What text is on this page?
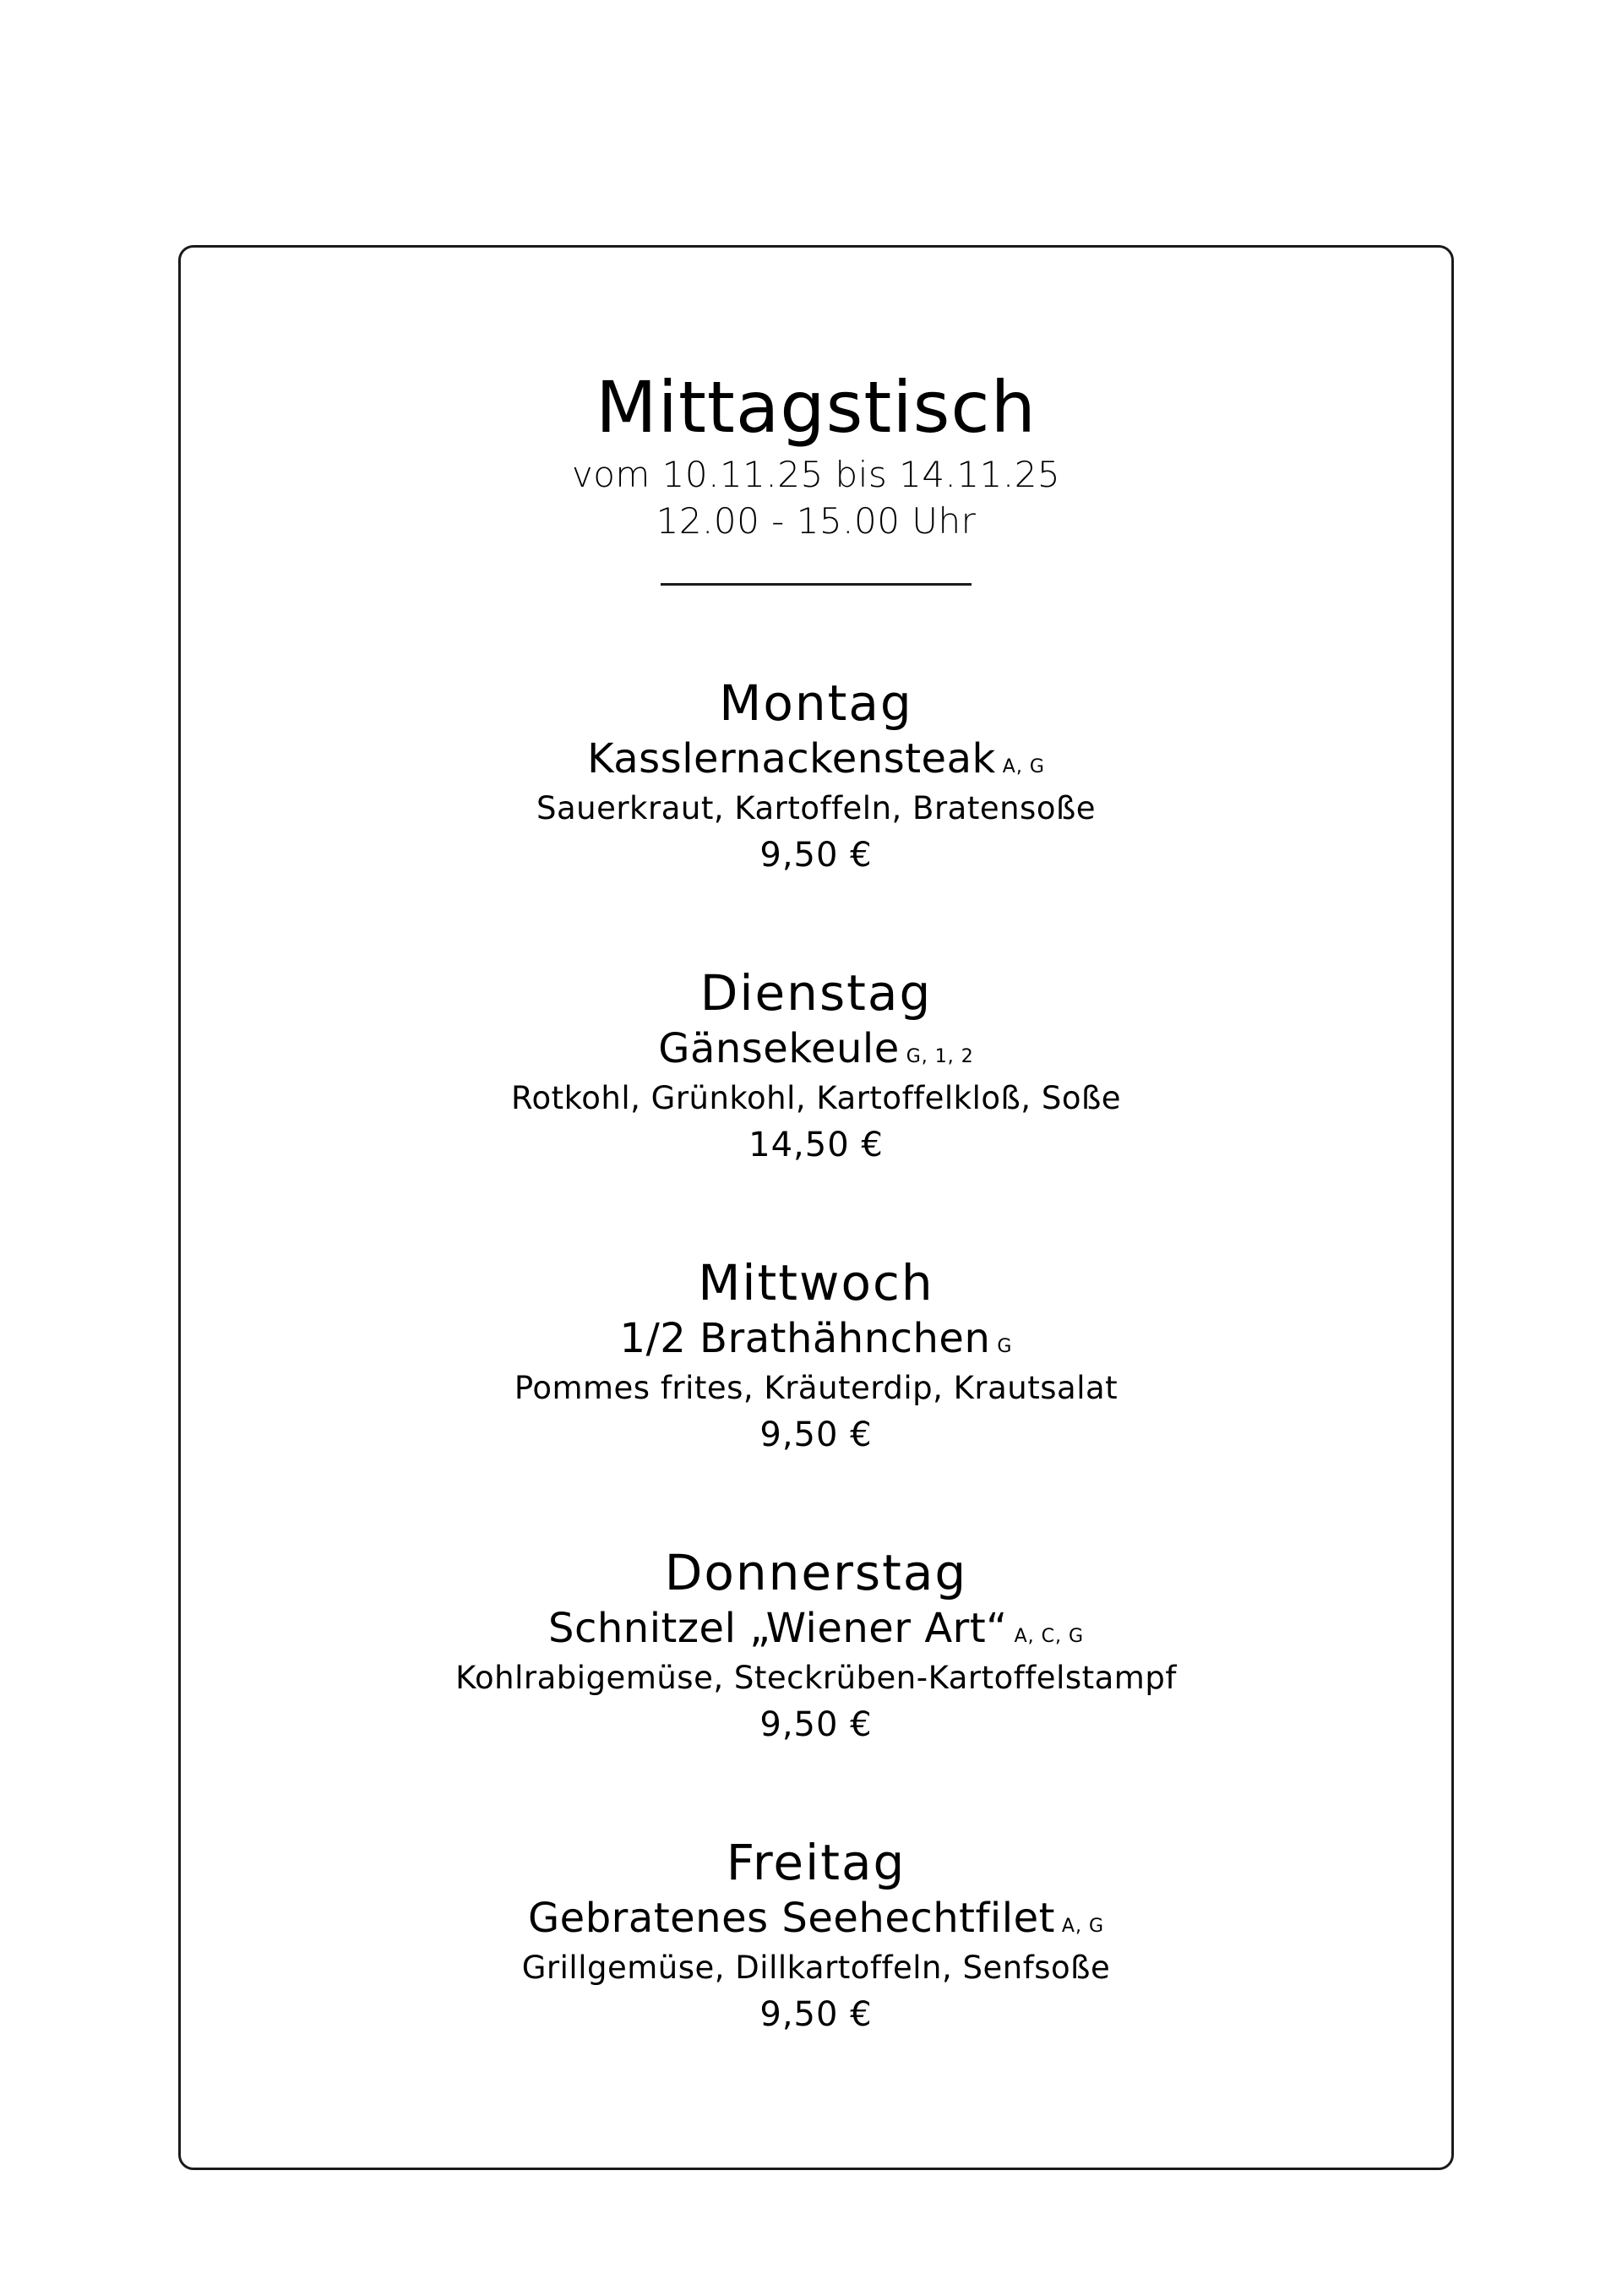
Mittagstisch
vom 10.11.25 bis 14.11.25
12.00 - 15.00 Uhr
Montag
Kasslernackensteak A, G
Sauerkraut, Kartoffeln, Bratensoße
9,50 €
Dienstag
Gänsekeule G, 1, 2
Rotkohl, Grünkohl, Kartoffelkloß, Soße
14,50 €
Mittwoch
1/2 Brathähnchen G
Pommes frites, Kräuterdip, Krautsalat
9,50 €
Donnerstag
Schnitzel „Wiener Art“ A, C, G
Kohlrabigemüse, Steckrüben-Kartoffelstampf
9,50 €
Freitag
Gebratenes Seehechtfilet A, G
Grillgemüse, Dillkartoffeln, Senfsoße
9,50 €
